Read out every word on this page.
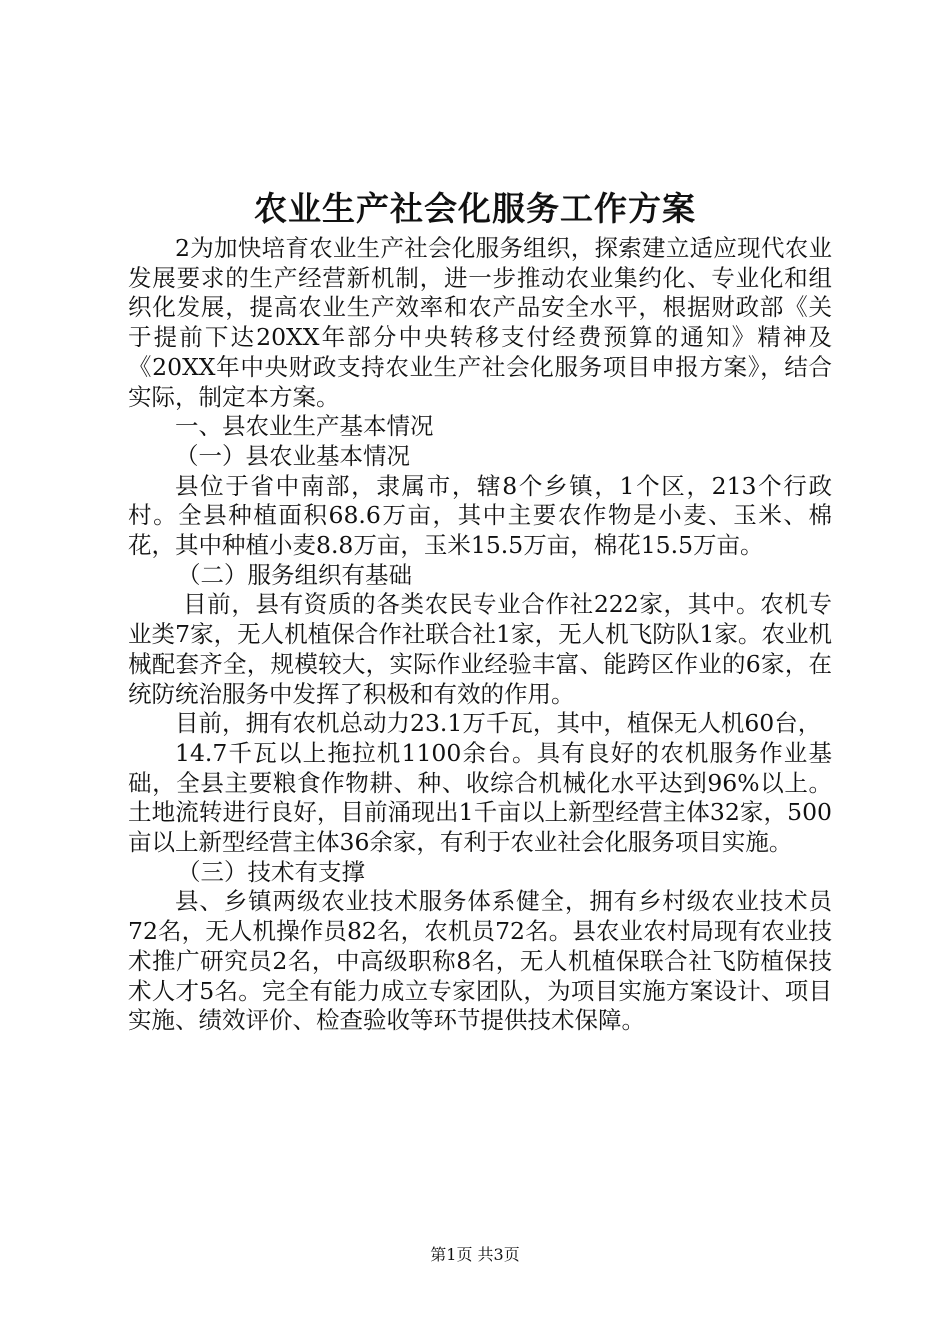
农业生产社会化服务工作方案

2为加快培育农业生产社会化服务组织，探索建立适应现代农业发展要求的生产经营新机制，进一步推动农业集约化、专业化和组织化发展，提高农业生产效率和农产品安全水平，根据财政部《关于提前下达20XX年部分中央转移支付经费预算的通知》精神及《20XX年中央财政支持农业生产社会化服务项目申报方案》，结合实际，制定本方案。

一、县农业生产基本情况

（一）县农业基本情况

县位于省中南部，隶属市，辖8个乡镇，1个区，213个行政村。全县种植面积68.6万亩，其中主要农作物是小麦、玉米、棉花，其中种植小麦8.8万亩，玉米15.5万亩，棉花15.5万亩。

（二）服务组织有基础

目前，县有资质的各类农民专业合作社222家，其中。农机专业类7家，无人机植保合作社联合社1家，无人机飞防队1家。农业机械配套齐全，规模较大，实际作业经验丰富、能跨区作业的6家，在统防统治服务中发挥了积极和有效的作用。

目前，拥有农机总动力23.1万千瓦，其中，植保无人机60台，

14.7千瓦以上拖拉机1100余台。具有良好的农机服务作业基础，全县主要粮食作物耕、种、收综合机械化水平达到96%以上。土地流转进行良好，目前涌现出1千亩以上新型经营主体32家，500亩以上新型经营主体36余家，有利于农业社会化服务项目实施。

（三）技术有支撑

县、乡镇两级农业技术服务体系健全，拥有乡村级农业技术员72名，无人机操作员82名，农机员72名。县农业农村局现有农业技术推广研究员2名，中高级职称8名，无人机植保联合社飞防植保技术人才5名。完全有能力成立专家团队，为项目实施方案设计、项目实施、绩效评价、检查验收等环节提供技术保障。

第1页 共3页
